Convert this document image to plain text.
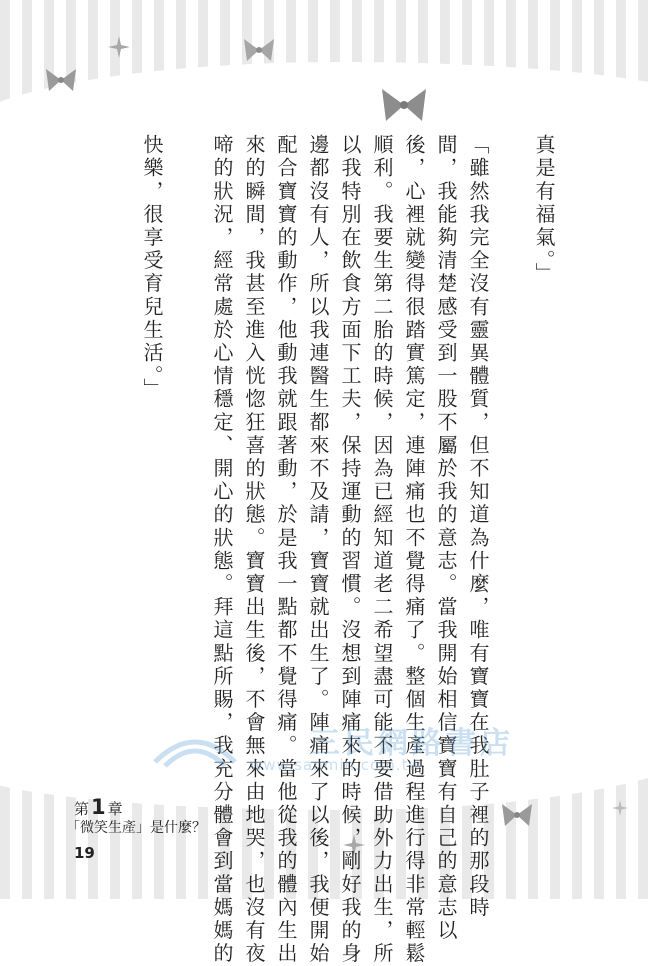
真是有福氣。」
「雖然我完全沒有靈異體質，但不知道為什麼，唯有寶寶在我肚子裡的那段時
間，我能夠清楚感受到一股不屬於我的意志。當我開始相信寶寶有自己的意志以
後，心裡就變得很踏實篤定，連陣痛也不覺得痛了。整個生產過程進行得非常輕鬆
順利。我要生第二胎的時候，因為已經知道老二希望盡可能不要借助外力出生，所
以我特別在飲食方面下工夫，保持運動的習慣。沒想到陣痛來的時候，剛好我的身
邊都沒有人，所以我連醫生都來不及請，寶寶就出生了。陣痛來了以後，我便開始
配合寶寶的動作，他動我就跟著動，於是我一點都不覺得痛。當他從我的體內生出
來的瞬間，我甚至進入恍惚狂喜的狀態。寶寶出生後，不會無來由地哭，也沒有夜
啼的狀況，經常處於心情穩定、開心的狀態。拜這點所賜，我充分體會到當媽媽的
快樂，很享受育兒生活。」
三民網路書店
www.sanmin.com.tw
第1 章
「微笑生產」是什麼？
19
